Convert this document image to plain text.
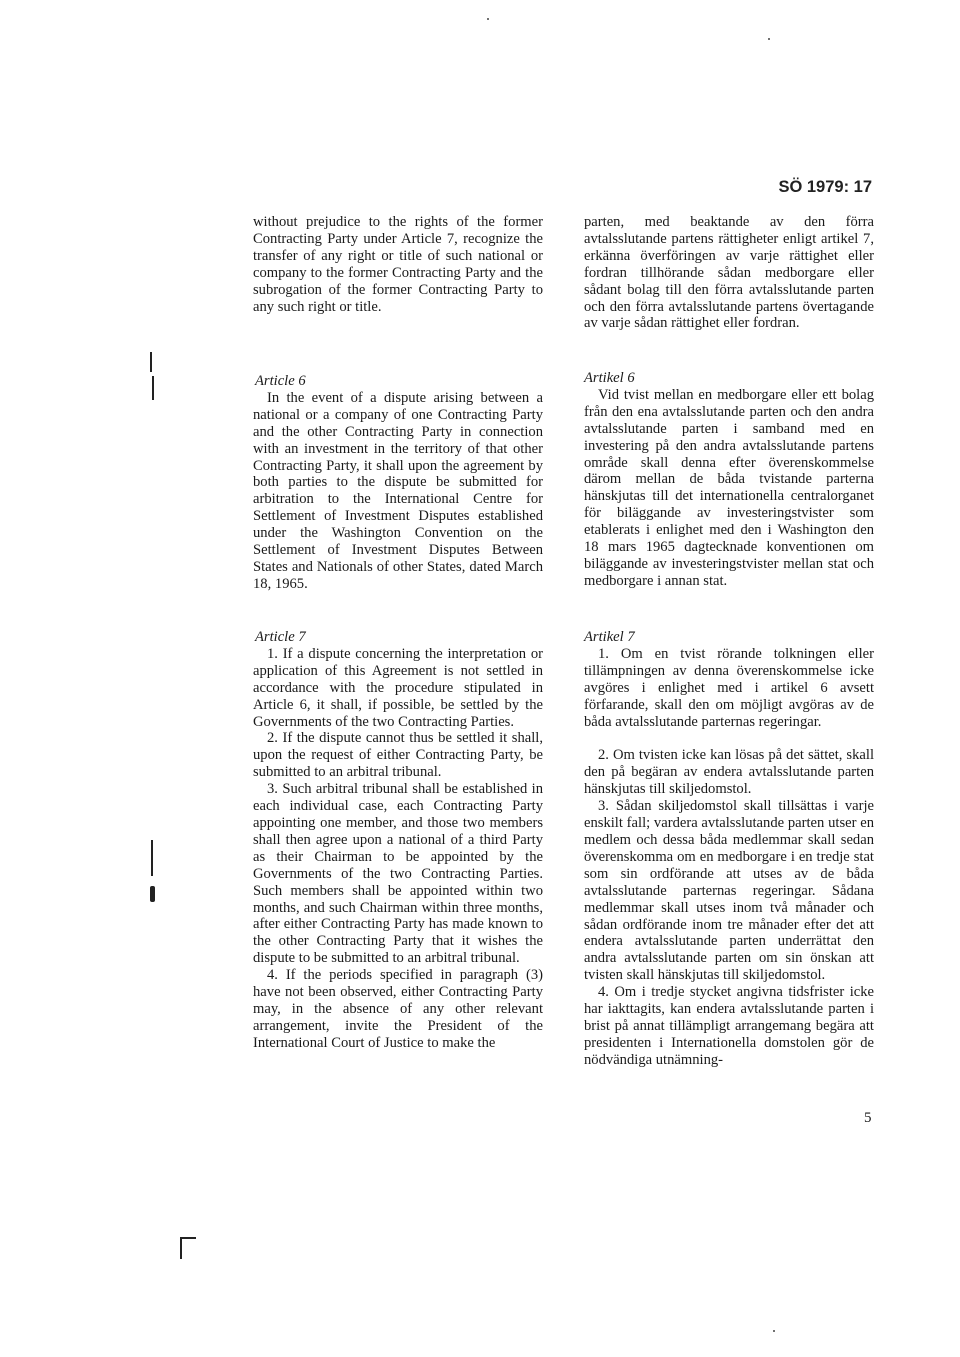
SÖ 1979: 17

without prejudice to the rights of the former Contracting Party under Article 7, recognize the transfer of any right or title of such national or company to the former Contracting Party and the subrogation of the former Contracting Party to any such right or title.

Article 6

In the event of a dispute arising between a national or a company of one Contracting Party and the other Contracting Party in connection with an investment in the territory of that other Contracting Party, it shall upon the agreement by both parties to the dispute be submitted for arbitration to the International Centre for Settlement of Investment Disputes established under the Washington Convention on the Settlement of Investment Disputes Between States and Nationals of other States, dated March 18, 1965.

Article 7

1. If a dispute concerning the interpretation or application of this Agreement is not settled in accordance with the procedure stipulated in Article 6, it shall, if possible, be settled by the Governments of the two Contracting Parties.

2. If the dispute cannot thus be settled it shall, upon the request of either Contracting Party, be submitted to an arbitral tribunal.

3. Such arbitral tribunal shall be established in each individual case, each Contracting Party appointing one member, and those two members shall then agree upon a national of a third Party as their Chairman to be appointed by the Governments of the two Contracting Parties. Such members shall be appointed within two months, and such Chairman within three months, after either Contracting Party has made known to the other Contracting Party that it wishes the dispute to be submitted to an arbitral tribunal.

4. If the periods specified in paragraph (3) have not been observed, either Contracting Party may, in the absence of any other relevant arrangement, invite the President of the International Court of Justice to make the

parten, med beaktande av den förra avtalsslutande partens rättigheter enligt artikel 7, erkänna överföringen av varje rättighet eller fordran tillhörande sådan medborgare eller sådant bolag till den förra avtalsslutande parten och den förra avtalsslutande partens övertagande av varje sådan rättighet eller fordran.

Artikel 6

Vid tvist mellan en medborgare eller ett bolag från den ena avtalsslutande parten och den andra avtalsslutande parten i samband med en investering på den andra avtalsslutande partens område skall denna efter överenskommelse därom mellan de båda tvistande parterna hänskjutas till det internationella centralorganet för biläggande av investeringstvister som etablerats i enlighet med den i Washington den 18 mars 1965 dagtecknade konventionen om biläggande av investeringstvister mellan stat och medborgare i annan stat.

Artikel 7

1. Om en tvist rörande tolkningen eller tillämpningen av denna överenskommelse icke avgöres i enlighet med i artikel 6 avsett förfarande, skall den om möjligt avgöras av de båda avtalsslutande parternas regeringar.

2. Om tvisten icke kan lösas på det sättet, skall den på begäran av endera avtalsslutande parten hänskjutas till skiljedomstol.

3. Sådan skiljedomstol skall tillsättas i varje enskilt fall; vardera avtalsslutande parten utser en medlem och dessa båda medlemmar skall sedan överenskomma om en medborgare i en tredje stat som sin ordförande att utses av de båda avtalsslutande parternas regeringar. Sådana medlemmar skall utses inom två månader och sådan ordförande inom tre månader efter det att endera avtalsslutande parten underrättat den andra avtalsslutande parten om sin önskan att tvisten skall hänskjutas till skiljedomstol.

4. Om i tredje stycket angivna tidsfrister icke har iakttagits, kan endera avtalsslutande parten i brist på annat tillämpligt arrangemang begära att presidenten i Internationella domstolen gör de nödvändiga utnämning-

5
